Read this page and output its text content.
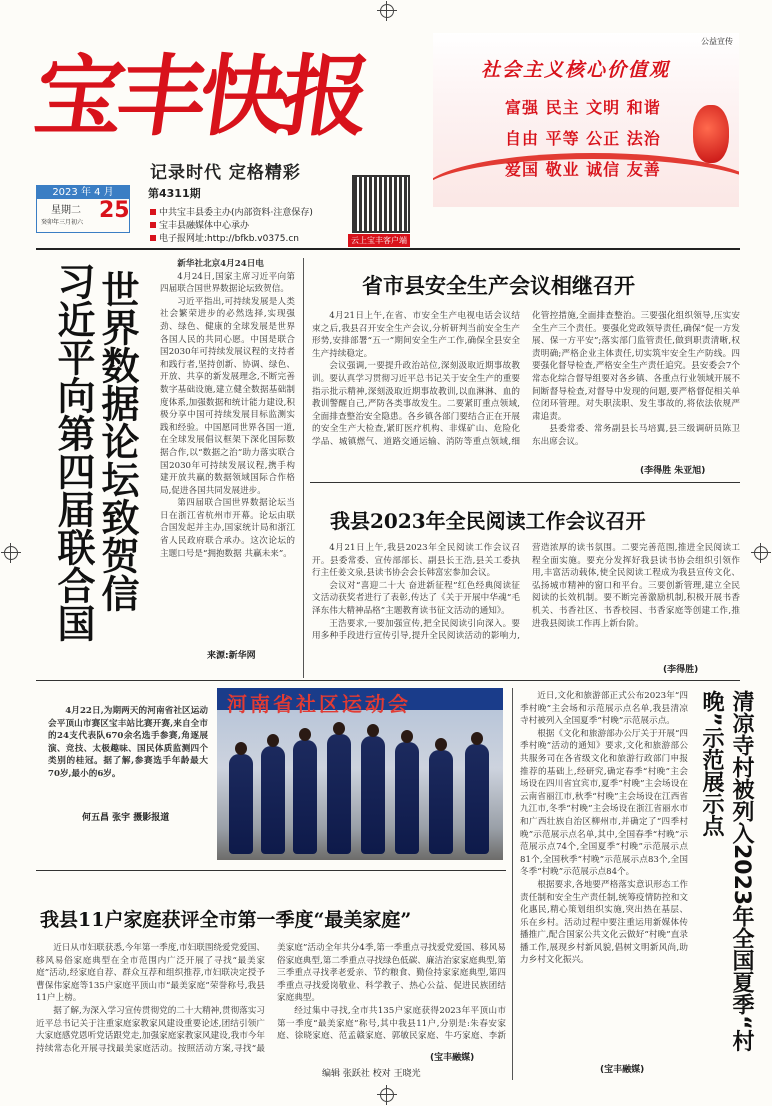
宝丰快报
记录时代 定格精彩
公益宣传
社会主义核心价值观
富强 民主 文明 和谐
自由 平等 公正 法治
爱国 敬业 诚信 友善
2023 年 4 月
星期二
癸卯年三月初六 25
第4311期
中共宝丰县委主办(内部资料·注意保存)
宝丰县融媒体中心承办
电子报网址:http://bfkb.v0375.cn	云上宝丰客户端
习近平向第四届联合国 世界数据论坛致贺信
新华社北京4月24日电

4月24日,国家主席习近平向第四届联合国世界数据论坛致贺信。

习近平指出,可持续发展是人类社会繁荣进步的必然选择,实现强劲、绿色、健康的全球发展是世界各国人民的共同心愿。中国是联合国2030年可持续发展议程的支持者和践行者,坚持创新、协调、绿色、开放、共享的新发展理念,不断完善数字基础设施,建立健全数据基础制度体系,加强数据和统计能力建设,积极分享中国可持续发展目标监测实践和经验。中国愿同世界各国一道,在全球发展倡议框架下深化国际数据合作,以“数据之治”助力落实联合国2030年可持续发展议程,携手构建开放共赢的数据领域国际合作格局,促进各国共同发展进步。

第四届联合国世界数据论坛当日在浙江省杭州市开幕。论坛由联合国发起并主办,国家统计局和浙江省人民政府联合承办。这次论坛的主题口号是“拥抱数据 共赢未来”。

来源:新华网
省市县安全生产会议相继召开

4月21日上午,在省、市安全生产电视电话会议结束之后,我县召开安全生产会议,分析研判当前安全生产形势,安排部署“五一”期间安全生产工作,确保全县安全生产持续稳定。

会议强调,一要提升政治站位,深刻汲取近期事故教训。要认真学习贯彻习近平总书记关于安全生产的重要指示批示精神,深刻汲取近期事故教训,以血淋淋、血的教训警醒自己,严防各类事故发生。二要紧盯重点领域,全面排查整治安全隐患。各乡镇各部门要结合正在开展的安全生产大检查,紧盯医疗机构、非煤矿山、危险化学品、城镇燃气、道路交通运输、消防等重点领域,细化管控措施,全面排查整治。三要强化组织领导,压实安全生产三个责任。要强化党政领导责任,确保“促一方发展、保一方平安”;落实部门监管责任,做到职责清晰,权责明确;严格企业主体责任,切实筑牢安全生产防线。四要强化督导检查,严格安全生产责任追究。县安委会7个常态化综合督导组要对各乡镇、各重点行业领域开展不间断督导检查,对督导中发现的问题,要严格督促相关单位闭环管理。对失职渎职、发生事故的,将依法依规严肃追责。

县委常委、常务副县长马培翼,县三级调研员陈卫东出席会议。

(李得胜 朱亚旭)
我县2023年全民阅读工作会议召开

4月21日上午,我县2023年全民阅读工作会议召开。县委常委、宣传部部长、副县长王浩,县关工委执行主任姜文泉,县读书协会会长韩富宏参加会议。

会议对“喜迎二十大 奋进新征程”红色经典阅读征文活动获奖者进行了表彰,传达了《关于开展中华魂“毛泽东伟大精神品格”主题教育读书征文活动的通知》。

王浩要求,一要加强宣传,把全民阅读引向深入。要用多种手段进行宣传引导,提升全民阅读活动的影响力,营造浓厚的读书氛围。二要完善范围,推进全民阅读工程全面实施。要充分发挥好我县读书协会组织引领作用,丰富活动载体,使全民阅读工程成为我县宣传文化、弘扬城市精神的窗口和平台。三要创新管理,建立全民阅读的长效机制。要不断完善激励机制,积极开展书香机关、书香社区、书香校园、书香家庭等创建工作,推进我县阅读工作再上新台阶。

(李得胜)

4月22日,为期两天的河南省社区运动会平顶山市赛区宝丰站比赛开赛,来自全市的24支代表队670余名选手参赛,角逐展演、竞技、太极趣味、国民体质监测四个类别的桂冠。据了解,参赛选手年龄最大70岁,最小的6岁。

何五昌 张宇 摄影报道
河南省社区运动会	近日,文化和旅游部正式公布2023年“四季村晚”主会场和示范展示点名单,我县清凉寺村被列入全国夏季“村晚”示范展示点。

根据《文化和旅游部办公厅关于开展“四季村晚”活动的通知》要求,文化和旅游部公共服务司在各省级文化和旅游行政部门申报推荐的基础上,经研究,确定春季“村晚”主会场设在四川省宜宾市,夏季“村晚”主会场设在云南省丽江市,秋季“村晚”主会场设在江西省九江市,冬季“村晚”主会场设在浙江省丽水市和广西壮族自治区柳州市,并确定了“四季村晚”示范展示点名单,其中,全国春季“村晚”示范展示点74个,全国夏季“村晚”示范展示点81个,全国秋季“村晚”示范展示点83个,全国冬季“村晚”示范展示点84个。

根据要求,各地要严格落实意识形态工作责任制和安全生产责任制,统筹疫情防控和文化惠民,精心策划组织实施,突出热在基层、乐在乡村。活动过程中要注重运用新媒体传播推广,配合国家公共文化云做好“村晚”直录播工作,展现乡村新风貌,倡树文明新风尚,助力乡村文化振兴。

(宝丰融媒)
清凉寺村被列入2023年全国夏季“村晚”示范展示点
我县11户家庭获评全市第一季度“最美家庭”

近日从市妇联获悉,今年第一季度,市妇联围绕爱党爱国、移风易俗家庭典型在全市范围内广泛开展了寻找“最美家庭”活动,经家庭自荐、群众互荐和组织推荐,市妇联决定授予曹保伟家庭等135户家庭平顶山市“最美家庭”荣誉称号,我县11户上榜。

据了解,为深入学习宣传贯彻党的二十大精神,贯彻落实习近平总书记关于注重家庭家教家风建设重要论述,团结引领广大家庭感党恩听党话跟党走,加强家庭家教家风建设,我市今年持续常态化开展寻找最美家庭活动。按照活动方案,寻找“最美家庭”活动全年共分4季,第一季重点寻找爱党爱国、移风易俗家庭典型,第二季重点寻找绿色低碳、廉洁治家家庭典型,第三季重点寻找孝老爱亲、节约粮食、勤俭持家家庭典型,第四季重点寻找爱岗敬业、科学教子、热心公益、促进民族团结家庭典型。

经过集中寻找,全市共135户家庭获得2023年平顶山市第一季度“最美家庭”称号,其中我县11户,分别是:朱春安家庭、徐晓家庭、范孟赣家庭、郭敏民家庭、牛巧家庭、李新

(宝丰融媒)
编辑 张跃社 校对 王晓光
